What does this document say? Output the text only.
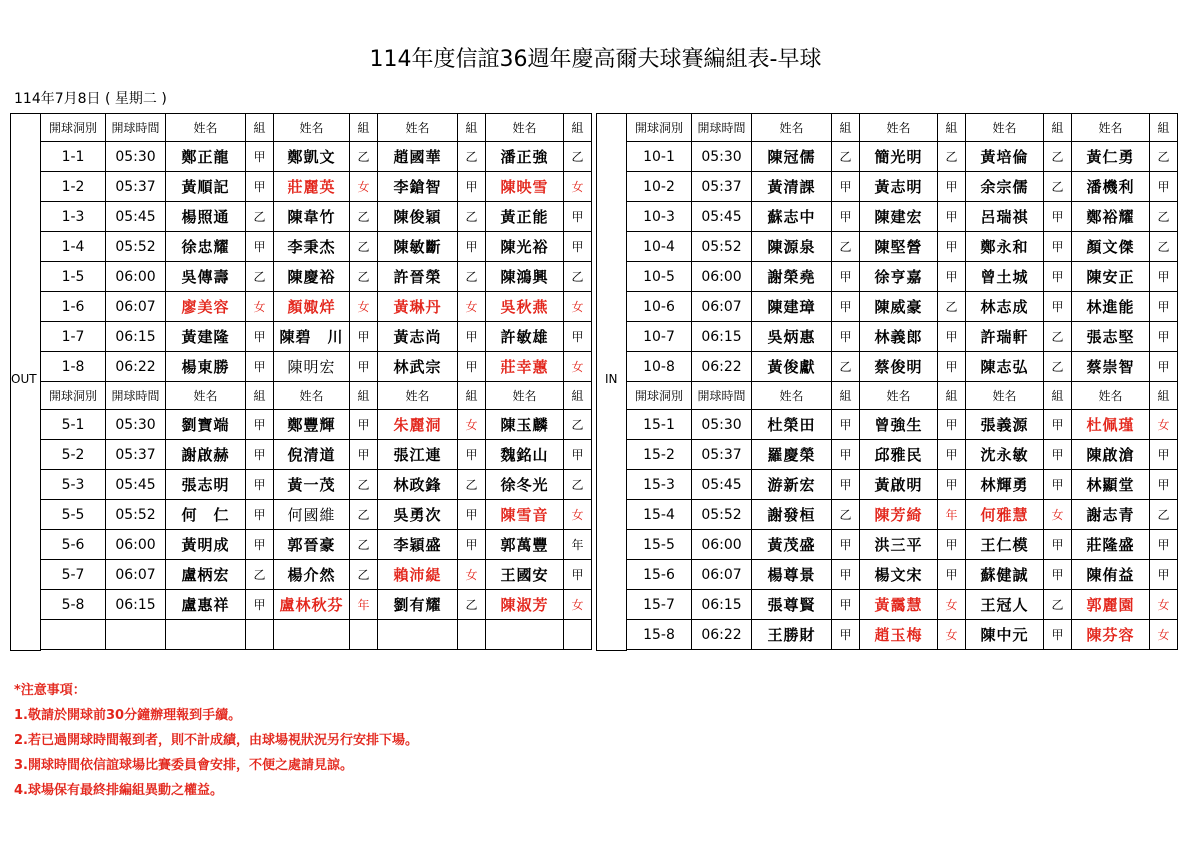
114年度信誼36週年慶高爾夫球賽編組表-早球
114年7月8日 ( 星期二 )
OUT
開球洞別	開球時間	姓名	組	姓名	組	姓名	組	姓名	組
1-1	05:30	鄭正龍	甲	鄭凱文	乙	趙國華	乙	潘正強	乙
1-2	05:37	黃順記	甲	莊麗英	女	李鎗智	甲	陳映雪	女
1-3	05:45	楊照通	乙	陳韋竹	乙	陳俊穎	乙	黃正能	甲
1-4	05:52	徐忠耀	甲	李秉杰	乙	陳敏斷	甲	陳光裕	甲
1-5	06:00	吳傳壽	乙	陳慶裕	乙	許晉榮	乙	陳鴻興	乙
1-6	06:07	廖美容	女	顏娵烊	女	黃琳丹	女	吳秋燕	女
1-7	06:15	黃建隆	甲	陳碧　川	甲	黃志尚	甲	許敏雄	甲
1-8	06:22	楊東勝	甲	陳明宏	甲	林武宗	甲	莊幸蕙	女
開球洞別	開球時間	姓名	組	姓名	組	姓名	組	姓名	組
5-1	05:30	劉寶端	甲	鄭豐輝	甲	朱麗洞	女	陳玉麟	乙
5-2	05:37	謝啟赫	甲	倪清道	甲	張江連	甲	魏銘山	甲
5-3	05:45	張志明	甲	黃一茂	乙	林政鋒	乙	徐冬光	乙
5-5	05:52	何　仁	甲	何國維	乙	吳勇次	甲	陳雪音	女
5-6	06:00	黃明成	甲	郭晉豪	乙	李穎盛	甲	郭萬豐	年
5-7	06:07	盧柄宏	乙	楊介然	乙	賴沛緹	女	王國安	甲
5-8	06:15	盧惠祥	甲	盧林秋芬	年	劉有耀	乙	陳淑芳	女

IN
開球洞別	開球時間	姓名	組	姓名	組	姓名	組	姓名	組
10-1	05:30	陳冠儒	乙	簡光明	乙	黃培倫	乙	黃仁勇	乙
10-2	05:37	黃清課	甲	黃志明	甲	余宗儒	乙	潘機利	甲
10-3	05:45	蘇志中	甲	陳建宏	甲	呂瑞祺	甲	鄭裕耀	乙
10-4	05:52	陳源泉	乙	陳堅營	甲	鄭永和	甲	顏文傑	乙
10-5	06:00	謝榮堯	甲	徐亨嘉	甲	曾土城	甲	陳安正	甲
10-6	06:07	陳建璋	甲	陳威豪	乙	林志成	甲	林進能	甲
10-7	06:15	吳炳惠	甲	林義郎	甲	許瑞軒	乙	張志堅	甲
10-8	06:22	黃俊獻	乙	蔡俊明	甲	陳志弘	乙	蔡崇智	甲
開球洞別	開球時間	姓名	組	姓名	組	姓名	組	姓名	組
15-1	05:30	杜榮田	甲	曾強生	甲	張義源	甲	杜佩瑾	女
15-2	05:37	羅慶榮	甲	邱雅民	甲	沈永敏	甲	陳啟滄	甲
15-3	05:45	游新宏	甲	黃啟明	甲	林輝勇	甲	林顯堂	甲
15-4	05:52	謝發桓	乙	陳芳綺	年	何雅慧	女	謝志青	乙
15-5	06:00	黃茂盛	甲	洪三平	甲	王仁模	甲	莊隆盛	甲
15-6	06:07	楊尊景	甲	楊文宋	甲	蘇健誠	甲	陳侑益	甲
15-7	06:15	張尊賢	甲	黃靄慧	女	王冠人	乙	郭麗園	女
15-8	06:22	王勝財	甲	趙玉梅	女	陳中元	甲	陳芬容	女
*注意事項：
1.敬請於開球前30分鐘辦理報到手續。
2.若已過開球時間報到者，則不計成績，由球場視狀況另行安排下場。
3.開球時間依信誼球場比賽委員會安排，不便之處請見諒。
4.球場保有最終排編組異動之權益。
